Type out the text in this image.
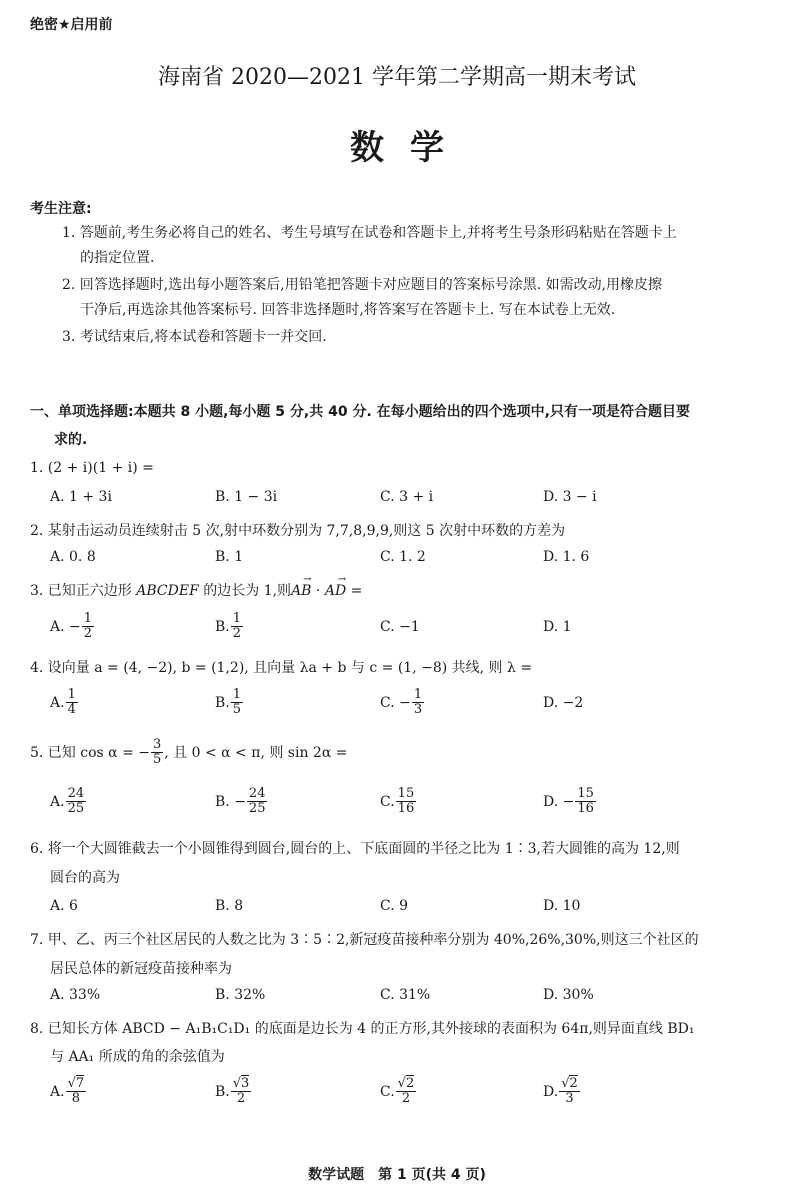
绝密★启用前
海南省 2020—2021 学年第二学期高一期末考试
数学
考生注意:
1. 答题前,考生务必将自己的姓名、考生号填写在试卷和答题卡上,并将考生号条形码粘贴在答题卡上
的指定位置.
2. 回答选择题时,选出每小题答案后,用铅笔把答题卡对应题目的答案标号涂黑. 如需改动,用橡皮擦
干净后,再选涂其他答案标号. 回答非选择题时,将答案写在答题卡上. 写在本试卷上无效.
3. 考试结束后,将本试卷和答题卡一并交回.
一、单项选择题:本题共 8 小题,每小题 5 分,共 40 分. 在每小题给出的四个选项中,只有一项是符合题目要
求的.
1. (2 + i)(1 + i) =
A. 1 + 3i	B. 1 − 3i	C. 3 + i	D. 3 − i
2. 某射击运动员连续射击 5 次,射中环数分别为 7,7,8,9,9,则这 5 次射中环数的方差为
A. 0. 8	B. 1	C. 1. 2	D. 1. 6
3. 已知正六边形 ABCDEF 的边长为 1,则
→
AB ·
→
AD =
A. − $\frac{1}{2}$	B. $\frac{1}{2}$	C. −1	D. 1
4. 设向量 a = (4, −2), b = (1,2), 且向量 λa + b 与 c = (1, −8) 共线, 则 λ =
A. $\frac{1}{4}$	B. $\frac{1}{5}$	C. − $\frac{1}{3}$	D. −2
5. 已知 cos α = − $\frac{3}{5}$ , 且 0 < α < π, 则 sin 2α =
A. $\frac{24}{25}$	B. − $\frac{24}{25}$	C. $\frac{15}{16}$	D. − $\frac{15}{16}$
6. 将一个大圆锥截去一个小圆锥得到圆台,圆台的上、下底面圆的半径之比为 1∶3,若大圆锥的高为 12,则
圆台的高为
A. 6	B. 8	C. 9	D. 10
7. 甲、乙、丙三个社区居民的人数之比为 3∶5∶2,新冠疫苗接种率分别为 40%,26%,30%,则这三个社区的
居民总体的新冠疫苗接种率为
A. 33%	B. 32%	C. 31%	D. 30%
8. 已知长方体 ABCD − A₁B₁C₁D₁ 的底面是边长为 4 的正方形,其外接球的表面积为 64π,则异面直线 BD₁
与 AA₁ 所成的角的余弦值为
A. $\frac{√7}{8}$	B. $\frac{√3}{2}$	C. $\frac{√2}{2}$	D. $\frac{√2}{3}$
数学试题　第 1 页(共 4 页)
